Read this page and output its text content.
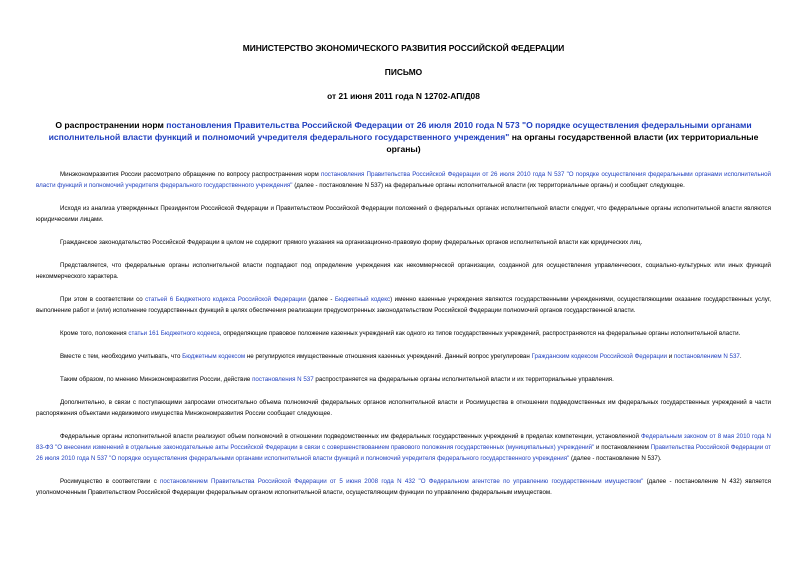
МИНИСТЕРСТВО ЭКОНОМИЧЕСКОГО РАЗВИТИЯ РОССИЙСКОЙ ФЕДЕРАЦИИ
ПИСЬМО
от 21 июня 2011 года N 12702-АП/Д08
О распространении норм постановления Правительства Российской Федерации от 26 июля 2010 года N 573 "О порядке осуществления федеральными органами исполнительной власти функций и полномочий учредителя федерального государственного учреждения" на органы государственной власти (их территориальные органы)

Минэкономразвития России рассмотрело обращение по вопросу распространения норм постановления Правительства Российской Федерации от 26 июля 2010 года N 537 "О порядке осуществления федеральными органами исполнительной власти функций и полномочий учредителя федерального государственного учреждения" (далее - постановление N 537) на федеральные органы исполнительной власти (их территориальные органы) и сообщает следующее.

Исходя из анализа утвержденных Президентом Российской Федерации и Правительством Российской Федерации положений о федеральных органах исполнительной власти следует, что федеральные органы исполнительной власти являются юридическими лицами.

Гражданское законодательство Российской Федерации в целом не содержит прямого указания на организационно-правовую форму федеральных органов исполнительной власти как юридических лиц.

Представляется, что федеральные органы исполнительной власти подпадают под определение учреждения как некоммерческой организации, созданной для осуществления управленческих, социально-культурных или иных функций некоммерческого характера.

При этом в соответствии со статьей 6 Бюджетного кодекса Российской Федерации (далее - Бюджетный кодекс) именно казенные учреждения являются государственными учреждениями, осуществляющими оказание государственных услуг, выполнение работ и (или) исполнение государственных функций в целях обеспечения реализации предусмотренных законодательством Российской Федерации полномочий органов государственной власти.

Кроме того, положения статьи 161 Бюджетного кодекса, определяющие правовое положение казенных учреждений как одного из типов государственных учреждений, распространяются на федеральные органы исполнительной власти.

Вместе с тем, необходимо учитывать, что Бюджетным кодексом не регулируются имущественные отношения казенных учреждений. Данный вопрос урегулирован Гражданским кодексом Российской Федерации и постановлением N 537.

Таким образом, по мнению Минэкономразвития России, действие постановления N 537 распространяется на федеральные органы исполнительной власти и их территориальные управления.

Дополнительно, в связи с поступающими запросами относительно объема полномочий федеральных органов исполнительной власти и Росимущества в отношении подведомственных им федеральных государственных учреждений в части распоряжения объектами недвижимого имущества Минэкономразвития России сообщает следующее.

Федеральные органы исполнительной власти реализуют объем полномочий в отношении подведомственных им федеральных государственных учреждений в пределах компетенции, установленной Федеральным законом от 8 мая 2010 года N 83-ФЗ "О внесении изменений в отдельные законодательные акты Российской Федерации в связи с совершенствованием правового положения государственных (муниципальных) учреждений" и постановлением Правительства Российской Федерации от 26 июля 2010 года N 537 "О порядке осуществления федеральными органами исполнительной власти функций и полномочий учредителя федерального государственного учреждения" (далее - постановление N 537).

Росимущество в соответствии с постановлением Правительства Российской Федерации от 5 июня 2008 года N 432 "О Федеральном агентстве по управлению государственным имуществом" (далее - постановление N 432) является уполномоченным Правительством Российской Федерации федеральным органом исполнительной власти, осуществляющим функции по управлению федеральным имуществом.
